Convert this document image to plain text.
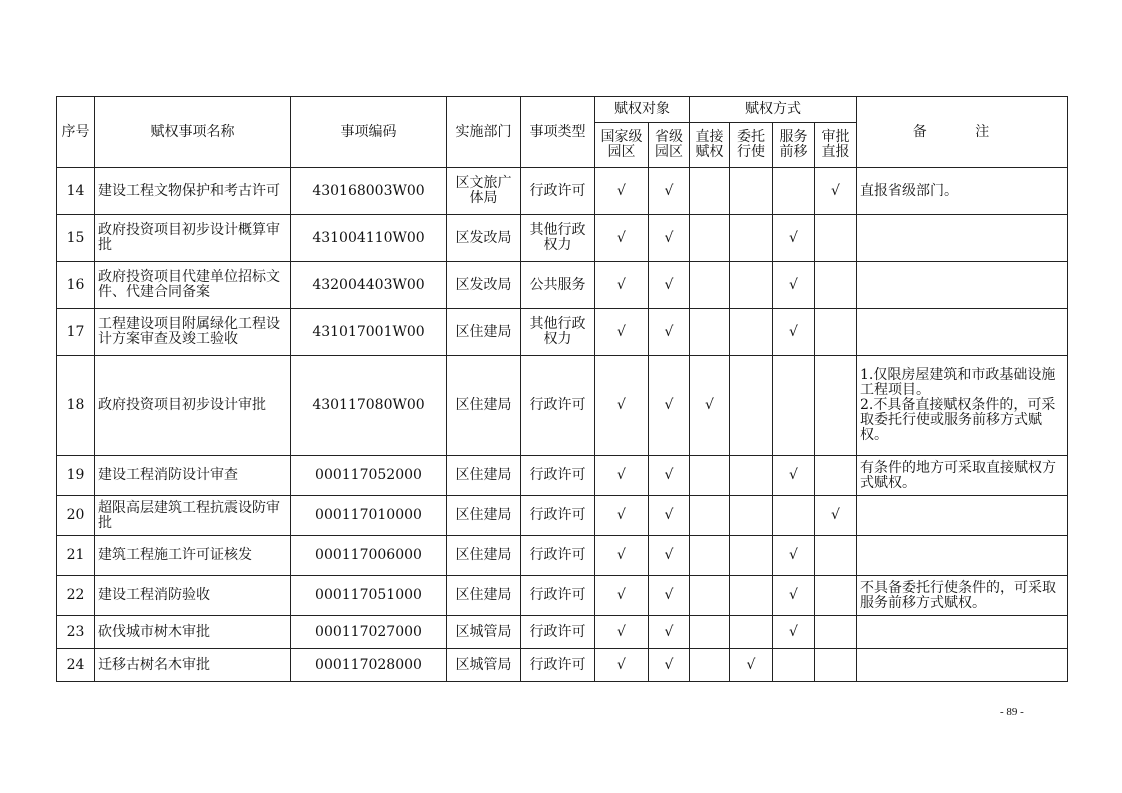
序号	赋权事项名称	事项编码	实施部门	事项类型	赋权对象		赋权方式				备 注
					国家级园区	省级园区	直接赋权	委托行使	服务前移	审批直报	
14	建设工程文物保护和考古许可	430168003W00	区文旅广体局	行政许可	√	√				√	直报省级部门。
15	政府投资项目初步设计概算审批	431004110W00	区发改局	其他行政权力	√	√			√		
16	政府投资项目代建单位招标文件、代建合同备案	432004403W00	区发改局	公共服务	√	√			√		
17	工程建设项目附属绿化工程设计方案审查及竣工验收	431017001W00	区住建局	其他行政权力	√	√			√		
18	政府投资项目初步设计审批	430117080W00	区住建局	行政许可	√	√	√				1.仅限房屋建筑和市政基础设施工程项目。
2.不具备直接赋权条件的，可采取委托行使或服务前移方式赋权。
19	建设工程消防设计审查	000117052000	区住建局	行政许可	√	√			√		有条件的地方可采取直接赋权方式赋权。
20	超限高层建筑工程抗震设防审批	000117010000	区住建局	行政许可	√	√				√	
21	建筑工程施工许可证核发	000117006000	区住建局	行政许可	√	√			√		
22	建设工程消防验收	000117051000	区住建局	行政许可	√	√			√		不具备委托行使条件的，可采取服务前移方式赋权。
23	砍伐城市树木审批	000117027000	区城管局	行政许可	√	√			√		
24	迁移古树名木审批	000117028000	区城管局	行政许可	√	√		√			
- 89 -
